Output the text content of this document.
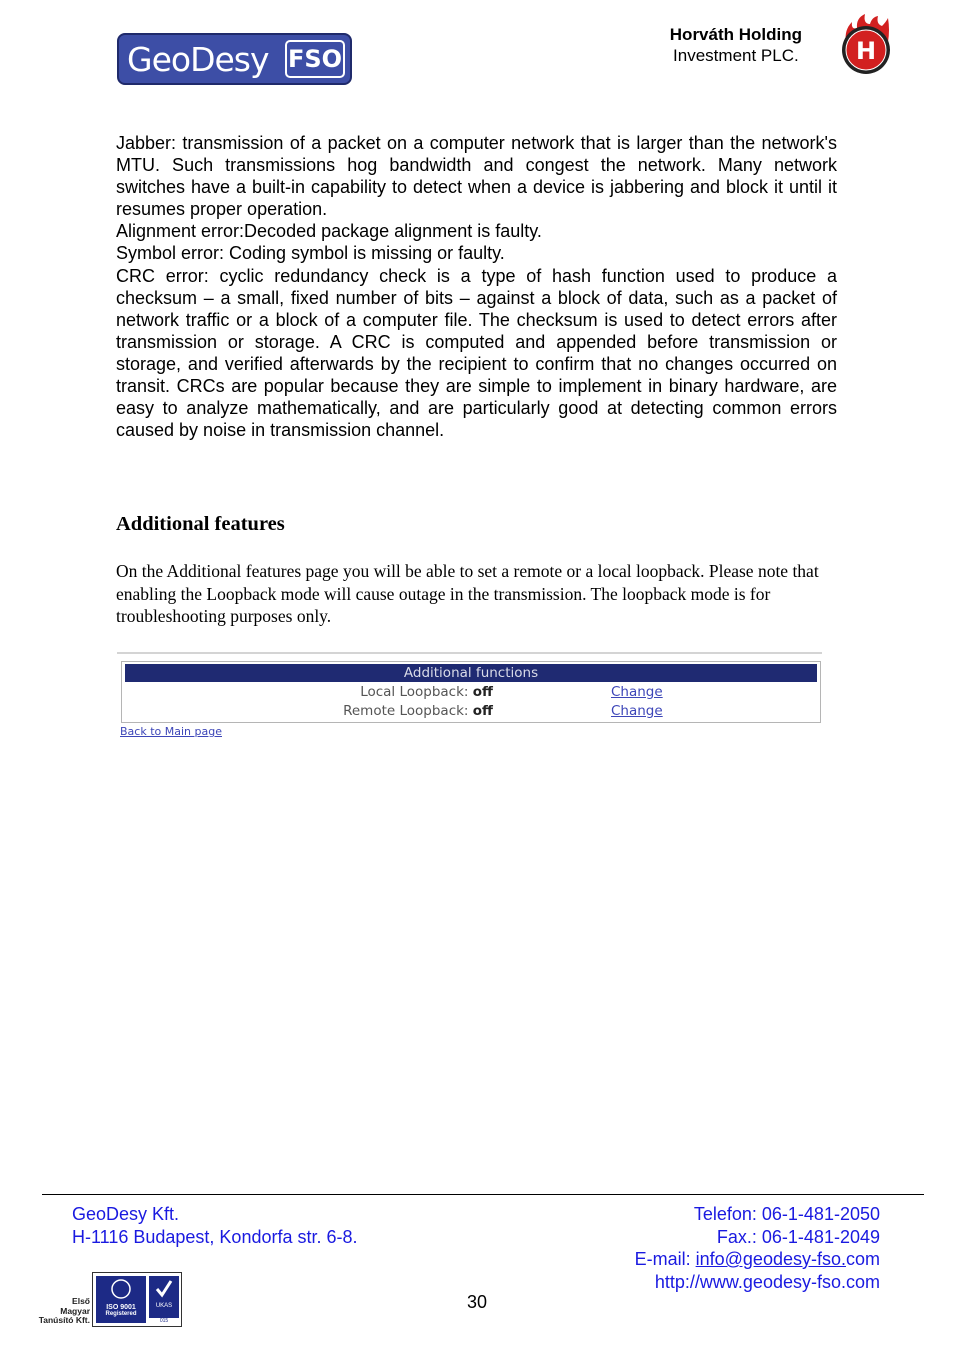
GeoDesy FSO
Horváth Holding
Investment PLC. H

Jabber: transmission of a packet on a computer network that is larger than the network's MTU. Such transmissions hog bandwidth and congest the network. Many network switches have a built-in capability to detect when a device is jabbering and block it until it resumes proper operation.

Alignment error:Decoded package alignment is faulty.

Symbol error: Coding symbol is missing or faulty.

CRC error: cyclic redundancy check is a type of hash function used to produce a checksum – a small, fixed number of bits – against a block of data, such as a packet of network traffic or a block of a computer file. The checksum is used to detect errors after transmission or storage. A CRC is computed and appended before transmission or storage, and verified afterwards by the recipient to confirm that no changes occurred on transit. CRCs are popular because they are simple to implement in binary hardware, are easy to analyze mathematically, and are particularly good at detecting common errors caused by noise in transmission channel.

Additional features

On the Additional features page you will be able to set a remote or a local loopback. Please note that enabling the Loopback mode will cause outage in the transmission. The loopback mode is for troubleshooting purposes only.

Additional functions
Local Loopback: off	Change
Remote Loopback: off	Change
Back to Main page
GeoDesy Kft.
H-1116 Budapest, Kondorfa str. 6-8.
Telefon: 06-1-481-2050
Fax.: 06-1-481-2049
E-mail: info@geodesy-fso.com
http://www.geodesy-fso.com
30
Első
Magyar
Tanúsító Kft.
ISO 9001
Registered
UKAS
015
